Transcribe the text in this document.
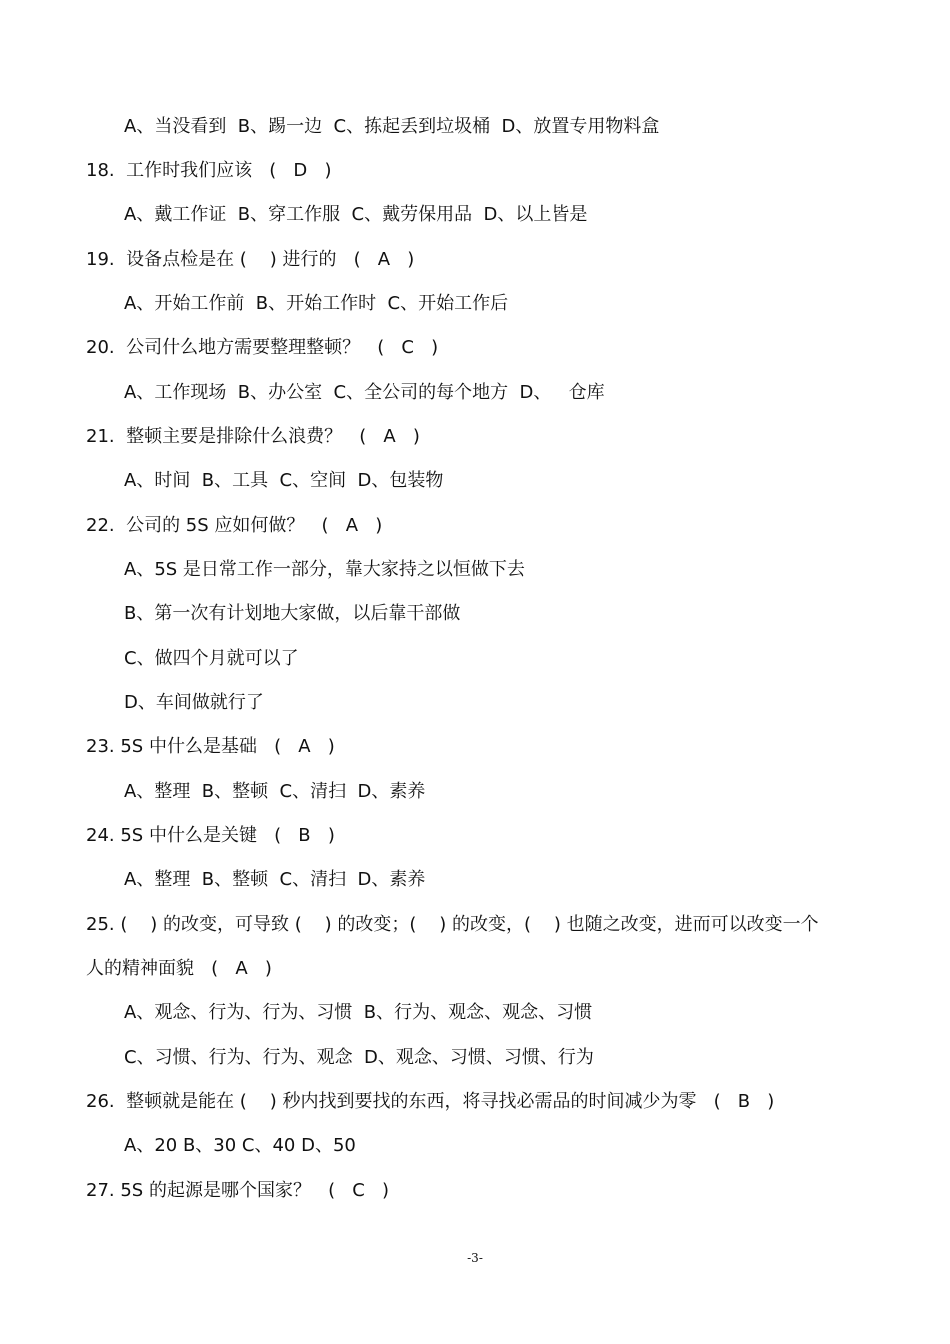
A、当没看到  B、踢一边  C、拣起丢到垃圾桶  D、放置专用物料盒
18.  工作时我们应该   (   D   )
A、戴工作证  B、穿工作服  C、戴劳保用品  D、以上皆是
19.  设备点检是在 (    ) 进行的   (   A   )
A、开始工作前  B、开始工作时  C、开始工作后
20.  公司什么地方需要整理整顿？   (   C   )
A、工作现场  B、办公室  C、全公司的每个地方  D、   仓库
21.  整顿主要是排除什么浪费？   (   A   )
A、时间  B、工具  C、空间  D、包装物
22.  公司的 5S 应如何做？   (   A   )
A、5S 是日常工作一部分，靠大家持之以恒做下去
B、第一次有计划地大家做，以后靠干部做
C、做四个月就可以了
D、车间做就行了
23. 5S 中什么是基础   (   A   )
A、整理  B、整顿  C、清扫  D、素养
24. 5S 中什么是关键   (   B   )
A、整理  B、整顿  C、清扫  D、素养
25. (    ) 的改变，可导致 (    ) 的改变；(    ) 的改变，(    ) 也随之改变，进而可以改变一个
人的精神面貌   (   A   )
A、观念、行为、行为、习惯  B、行为、观念、观念、习惯
C、习惯、行为、行为、观念  D、观念、习惯、习惯、行为
26.  整顿就是能在 (    ) 秒内找到要找的东西，将寻找必需品的时间减少为零   (   B   )
A、20 B、30 C、40 D、50
27. 5S 的起源是哪个国家？   (   C   )
-3-
